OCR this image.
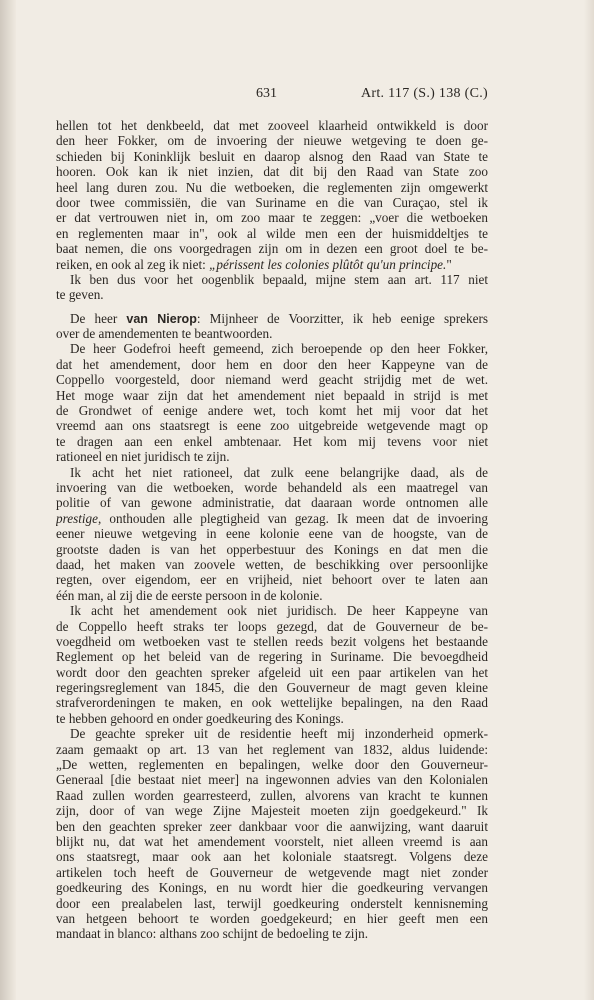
631	Art. 117 (S.) 138 (C.)
hellen tot het denkbeeld, dat met zooveel klaarheid ontwikkeld is door
den heer Fokker, om de invoering der nieuwe wetgeving te doen ge-
schieden bij Koninklijk besluit en daarop alsnog den Raad van State te
hooren. Ook kan ik niet inzien, dat dit bij den Raad van State zoo
heel lang duren zou. Nu die wetboeken, die reglementen zijn omgewerkt
door twee commissiën, die van Suriname en die van Curaçao, stel ik
er dat vertrouwen niet in, om zoo maar te zeggen: „voer die wetboeken
en reglementen maar in", ook al wilde men een der huismiddeltjes te
baat nemen, die ons voorgedragen zijn om in dezen een groot doel te be-
reiken, en ook al zeg ik niet: „périssent les colonies plûtôt qu'un principe."
Ik ben dus voor het oogenblik bepaald, mijne stem aan art. 117 niet
te geven.
De heer van Nierop: Mijnheer de Voorzitter, ik heb eenige sprekers
over de amendementen te beantwoorden.
De heer Godefroi heeft gemeend, zich beroepende op den heer Fokker,
dat het amendement, door hem en door den heer Kappeyne van de
Coppello voorgesteld, door niemand werd geacht strijdig met de wet.
Het moge waar zijn dat het amendement niet bepaald in strijd is met
de Grondwet of eenige andere wet, toch komt het mij voor dat het
vreemd aan ons staatsregt is eene zoo uitgebreide wetgevende magt op
te dragen aan een enkel ambtenaar. Het kom mij tevens voor niet
rationeel en niet juridisch te zijn.
Ik acht het niet rationeel, dat zulk eene belangrijke daad, als de
invoering van die wetboeken, worde behandeld als een maatregel van
politie of van gewone administratie, dat daaraan worde ontnomen alle
prestige, onthouden alle plegtigheid van gezag. Ik meen dat de invoering
eener nieuwe wetgeving in eene kolonie eene van de hoogste, van de
grootste daden is van het opperbestuur des Konings en dat men die
daad, het maken van zoovele wetten, de beschikking over persoonlijke
regten, over eigendom, eer en vrijheid, niet behoort over te laten aan
één man, al zij die de eerste persoon in de kolonie.
Ik acht het amendement ook niet juridisch. De heer Kappeyne van
de Coppello heeft straks ter loops gezegd, dat de Gouverneur de be-
voegdheid om wetboeken vast te stellen reeds bezit volgens het bestaande
Reglement op het beleid van de regering in Suriname. Die bevoegdheid
wordt door den geachten spreker afgeleid uit een paar artikelen van het
regeringsreglement van 1845, die den Gouverneur de magt geven kleine
strafverordeningen te maken, en ook wettelijke bepalingen, na den Raad
te hebben gehoord en onder goedkeuring des Konings.
De geachte spreker uit de residentie heeft mij inzonderheid opmerk-
zaam gemaakt op art. 13 van het reglement van 1832, aldus luidende:
„De wetten, reglementen en bepalingen, welke door den Gouverneur-
Generaal [die bestaat niet meer] na ingewonnen advies van den Kolonialen
Raad zullen worden gearresteerd, zullen, alvorens van kracht te kunnen
zijn, door of van wege Zijne Majesteit moeten zijn goedgekeurd." Ik
ben den geachten spreker zeer dankbaar voor die aanwijzing, want daaruit
blijkt nu, dat wat het amendement voorstelt, niet alleen vreemd is aan
ons staatsregt, maar ook aan het koloniale staatsregt. Volgens deze
artikelen toch heeft de Gouverneur de wetgevende magt niet zonder
goedkeuring des Konings, en nu wordt hier die goedkeuring vervangen
door een prealabelen last, terwijl goedkeuring onderstelt kennisneming
van hetgeen behoort te worden goedgekeurd; en hier geeft men een
mandaat in blanco: althans zoo schijnt de bedoeling te zijn.
